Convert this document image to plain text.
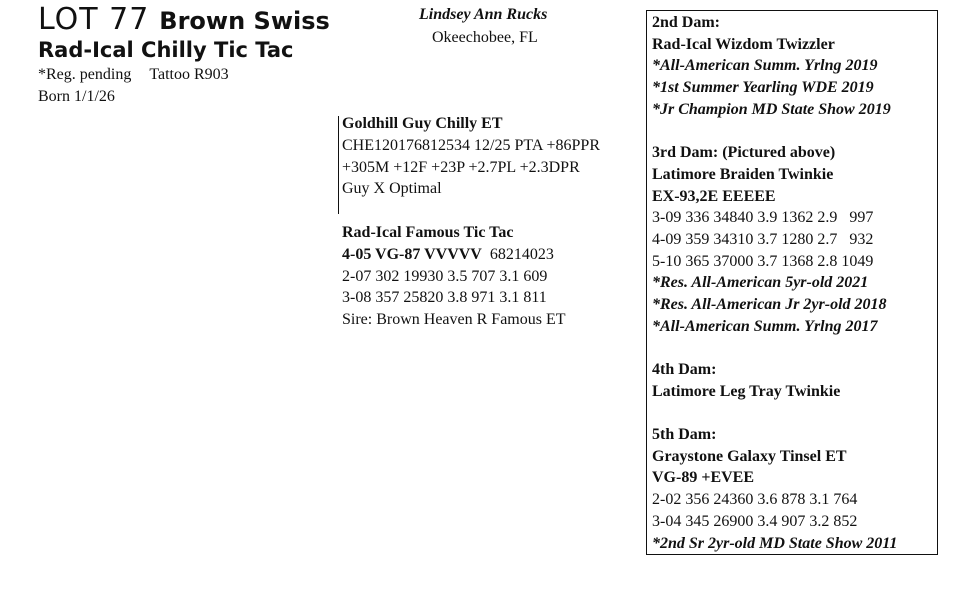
LOT 77 Brown Swiss
Rad-Ical Chilly Tic Tac
*Reg. pending Tattoo R903
Born 1/1/26
Lindsey Ann Rucks
Okeechobee, FL
Goldhill Guy Chilly ET
CHE120176812534 12/25 PTA +86PPR
+305M +12F +23P +2.7PL +2.3DPR
Guy X Optimal
Rad-Ical Famous Tic Tac
4-05 VG-87 VVVVV 68214023
2-07 302 19930 3.5 707 3.1 609
3-08 357 25820 3.8 971 3.1 811
Sire: Brown Heaven R Famous ET
2nd Dam:
Rad-Ical Wizdom Twizzler
*All-American Summ. Yrlng 2019
*1st Summer Yearling WDE 2019
*Jr Champion MD State Show 2019
3rd Dam: (Pictured above)
Latimore Braiden Twinkie
EX-93,2E EEEEE
3-09 336 34840 3.9 1362 2.9   997
4-09 359 34310 3.7 1280 2.7   932
5-10 365 37000 3.7 1368 2.8 1049
*Res. All-American 5yr-old 2021
*Res. All-American Jr 2yr-old 2018
*All-American Summ. Yrlng 2017
4th Dam:
Latimore Leg Tray Twinkie
5th Dam:
Graystone Galaxy Tinsel ET
VG-89 +EVEE
2-02 356 24360 3.6 878 3.1 764
3-04 345 26900 3.4 907 3.2 852
*2nd Sr 2yr-old MD State Show 2011
